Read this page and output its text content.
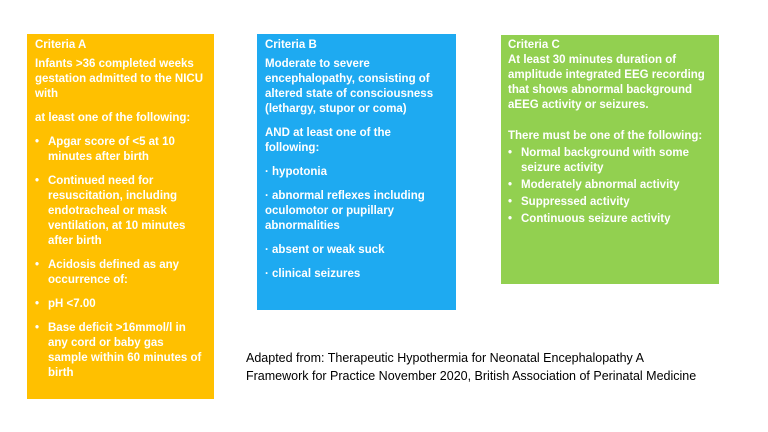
Criteria A

Infants >36 completed weeks gestation admitted to the NICU with

at least one of the following:

• Apgar score of <5 at 10 minutes after birth
• Continued need for resuscitation, including endotracheal or mask ventilation, at 10 minutes after birth
• Acidosis defined as any occurrence of:
• pH <7.00
• Base deficit >16mmol/l in any cord or baby gas sample within 60 minutes of birth

Criteria B

Moderate to severe encephalopathy, consisting of altered state of consciousness (lethargy, stupor or coma)

AND at least one of the following:

· hypotonia

· abnormal reflexes including oculomotor or pupillary abnormalities

· absent or weak suck

· clinical seizures

Criteria C

At least 30 minutes duration of amplitude integrated EEG recording that shows abnormal background aEEG activity or seizures.

There must be one of the following:

• Normal background with some seizure activity
• Moderately abnormal activity
• Suppressed activity
• Continuous seizure activity
Adapted from: Therapeutic Hypothermia for Neonatal Encephalopathy A
Framework for Practice November 2020, British Association of Perinatal Medicine
